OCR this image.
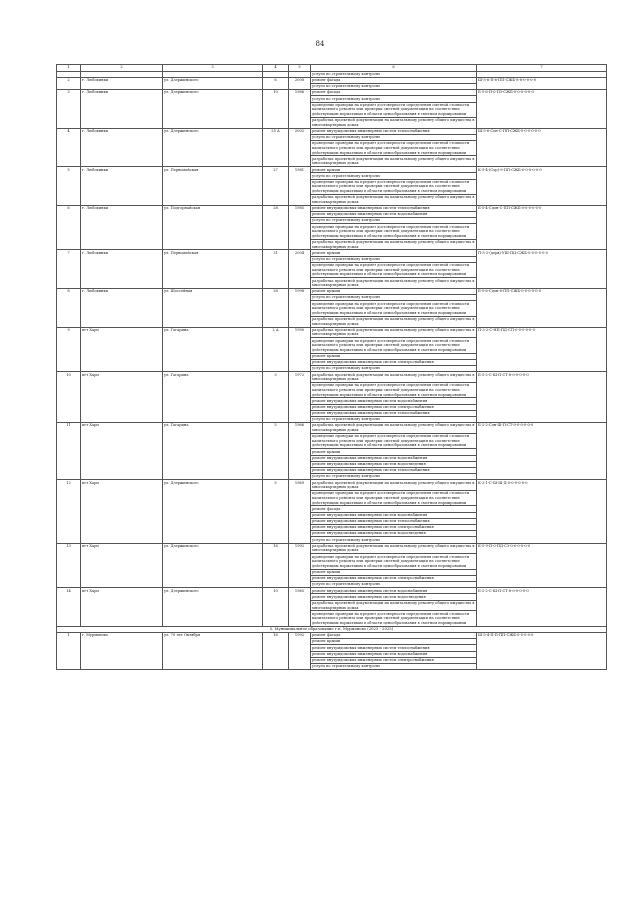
84
1	2	3	4	5	6	7
					услуги по строительному контролю	
2	г. Любохинки	ул. Дзержинского	6	2008	ремонт фасада	Ш-5-6-П-6-ПП-СЖБ-8-8-0-0-0-0
					услуги по строительному контролю	
3	г. Любохинки	ул. Дзержинского	10	1986	ремонт фасада	Б-5-6-П-0-ПЗ-СЖБ-0-0-0-0-0-0
					услуги по строительному контролю	
					проведение проверки на предмет достоверности определения сметной стоимости капитального ремонта или проверки сметной документации на соответствие действующим нормативам в области ценообразования в сметном нормировании	
					разработка проектной документации на капитальному ремонту общего имущества в многоквартирных домах	
4	г. Любохинки	ул. Дзержинского	25 А	2002	ремонт внутридомовых инженерных систем теплоснабжения	Ш-5-6-Сон-С-ПП-СЖБ-0-0-0-0-0-0
					услуги по строительному контролю	
					проведение проверки на предмет достоверности определения сметной стоимости капитального ремонта или проверки сметной документации на соответствие действующим нормативам в области ценообразования в сметном нормировании	
					разработка проектной документации на капитальному ремонту общего имущества в многоквартирных домах	
5	г. Любохинки	ул. Первомайская	27	1981	ремонт крыши	К-5-4-(Сор)-9-ПП-СЖБ-0-0-0-0-0-0
					услуги по строительному контролю	
					проведение проверки на предмет достоверности определения сметной стоимости капитального ремонта или проверки сметной документации на соответствие действующим нормативам в области ценообразования в сметном нормировании	
					разработка проектной документации на капитальному ремонту общего имущества в многоквартирных домах	
6	г. Любохинки	ул. Подгорнайская	28	1985	ремонт внутридомовых инженерных систем теплоснабжения	Б-5-4-Сдон-С-ПП-СЖБ-0-0-0-0-0-0
					ремонт внутридомовых инженерных систем водоснабжения	
					услуги по строительному контролю	
					проведение проверки на предмет достоверности определения сметной стоимости капитального ремонта или проверки сметной документации на соответствие действующим нормативам в области ценообразования в сметном нормировании	
					разработка проектной документации на капитальному ремонту общего имущества в многоквартирных домах	
7	г. Любохинки	ул. Первомайская	31	2004	ремонт крыши	П-5-2-(дерв)-УШ-ПЦ-СЖБ-0-0-0-0-0-0
					услуги по строительному контролю	
					проведение проверки на предмет достоверности определения сметной стоимости капитального ремонта или проверки сметной документации на соответствие действующим нормативам в области ценообразования в сметном нормировании	
					разработка проектной документации на капитальному ремонту общего имущества в многоквартирных домах	
8	г. Любохинки	ул. Шоссейная	28	1998	ремонт крыши	Б-5-6-Сдон-8-ПП-СЖБ-0-0-0-0-0-0
					услуги по строительному контролю	
					проведение проверки на предмет достоверности определения сметной стоимости капитального ремонта или проверки сметной документации на соответствие действующим нормативам в области ценообразования в сметном нормировании	
					разработка проектной документации на капитальному ремонту общего имущества в многоквартирных домах	
9	пгт Харп	ул. Гагарина	2 А	1990	разработка проектной документации на капитальному ремонту общего имущества в многоквартирных домах	П-3-2-С-НП-ПД-СП-0-0-0-0-0-0
					проведение проверки на предмет достоверности определения сметной стоимости капитального ремонта или проверки сметной документации на соответствие действующим нормативам в области ценообразования в сметном нормировании	
					ремонт крыши	
					ремонт внутридомовых инженерных систем электроснабжения	
					услуги по строительному контролю	
10	пгт Харп	ул. Гагарина	3	1972	разработка проектной документации на капитальному ремонту общего имущества в многоквартирных домах	Б-3-2-С-Ш-П-СТ-8-0-0-0-0-0
					проведение проверки на предмет достоверности определения сметной стоимости капитального ремонта или проверки сметной документации на соответствие действующим нормативам в области ценообразования в сметном нормировании	
					ремонт внутридомовых инженерных систем водоснабжения	
					ремонт внутридомовых инженерных систем электроснабжения	
					ремонт внутридомовых инженерных систем теплоснабжения	
					услуги по строительному контролю	
11	пгт Харп	ул. Гагарина	5	1966	разработка проектной документации на капитальному ремонту общего имущества в многоквартирных домах	Б-2-2-Сдн-Ш-П-СТ-0-0-0-0-0-0
					проведение проверки на предмет достоверности определения сметной стоимости капитального ремонта или проверки сметной документации на соответствие действующим нормативам в области ценообразования в сметном нормировании	
					ремонт крыши	
					ремонт внутридомовых инженерных систем водоснабжения	
					ремонт внутридомовых инженерных систем водоотведения	
					ремонт внутридомовых инженерных систем теплоснабжения	
					услуги по строительному контролю	
12	пгт Харп	ул. Дзержинского	5	1969	разработка проектной документации на капитальному ремонту общего имущества в многоквартирных домах	К-2-1-С-Ш-Ш-Д-0-0-0-0-0-0
					проведение проверки на предмет достоверности определения сметной стоимости капитального ремонта или проверки сметной документации на соответствие действующим нормативам в области ценообразования в сметном нормировании	
					ремонт фасада	
					ремонт внутридомовых инженерных систем водоснабжения	
					ремонт внутридомовых инженерных систем теплоснабжения	
					ремонт внутридомовых инженерных систем электроснабжения	
					ремонт внутридомовых инженерных систем водоотведения	
					услуги по строительному контролю	
13	пгт Харп	ул. Дзержинского	16	1992	разработка проектной документации на капитальному ремонту общего имущества в многоквартирных домах	К-5-9-П-0-ПД-СЗ-0-0-0-0-0-0
					проведение проверки на предмет достоверности определения сметной стоимости капитального ремонта или проверки сметной документации на соответствие действующим нормативам в области ценообразования в сметном нормировании	
					ремонт крыши	
					ремонт внутридомовых инженерных систем электроснабжения	
					услуги по строительному контролю	
14	пгт Харп	ул. Дзержинского	10	1965	ремонт внутридомовых инженерных систем водоснабжения	Б-2-2-С-Ш-П-СТ-8-0-0-0-0-0
					ремонт внутридомовых инженерных систем водоотведения	
					разработка проектной документации на капитальному ремонту общего имущества в многоквартирных домах	
					проведение проверки на предмет достоверности определения сметной стоимости капитального ремонта или проверки сметной документации на соответствие действующим нормативам в области ценообразования в сметном нормировании	
5. Муниципальное образование г.п. Мурманово (2023 - 2025)						
1	г. Мурманово	ул. 70 лет Октября	16	1992	ремонт фасада	Ш-5-4-П-П-ПП-СЖБ-0-0-0-0-0
					ремонт крыши	
					ремонт внутридомовых инженерных систем теплоснабжения	
					ремонт внутридомовых инженерных систем водоснабжения	
					ремонт внутридомовых инженерных систем электроснабжения	
					услуги по строительному контролю	
